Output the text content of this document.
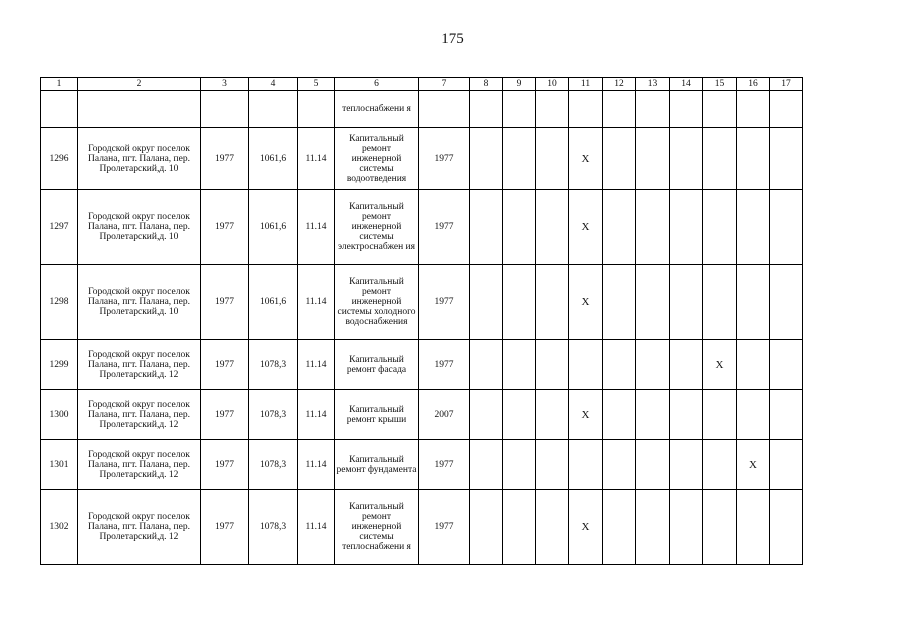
175
1	2	3	4	5	6	7	8	9	10	11	12	13	14	15	16	17
					теплоснабжени я											
1296	Городской округ поселок Палана, пгт. Палана, пер. Пролетарский,д. 10	1977	1061,6	11.14	Капитальный ремонт инженерной системы водоотведения	1977				X						
1297	Городской округ поселок Палана, пгт. Палана, пер. Пролетарский,д. 10	1977	1061,6	11.14	Капитальный ремонт инженерной системы электроснабжен ия	1977				X						
1298	Городской округ поселок Палана, пгт. Палана, пер. Пролетарский,д. 10	1977	1061,6	11.14	Капитальный ремонт инженерной системы холодного водоснабжения	1977				X						
1299	Городской округ поселок Палана, пгт. Палана, пер. Пролетарский,д. 12	1977	1078,3	11.14	Капитальный ремонт фасада	1977								X		
1300	Городской округ поселок Палана, пгт. Палана, пер. Пролетарский,д. 12	1977	1078,3	11.14	Капитальный ремонт крыши	2007				X						
1301	Городской округ поселок Палана, пгт. Палана, пер. Пролетарский,д. 12	1977	1078,3	11.14	Капитальный ремонт фундамента	1977									X	
1302	Городской округ поселок Палана, пгт. Палана, пер. Пролетарский,д. 12	1977	1078,3	11.14	Капитальный ремонт инженерной системы теплоснабжени я	1977				X						
